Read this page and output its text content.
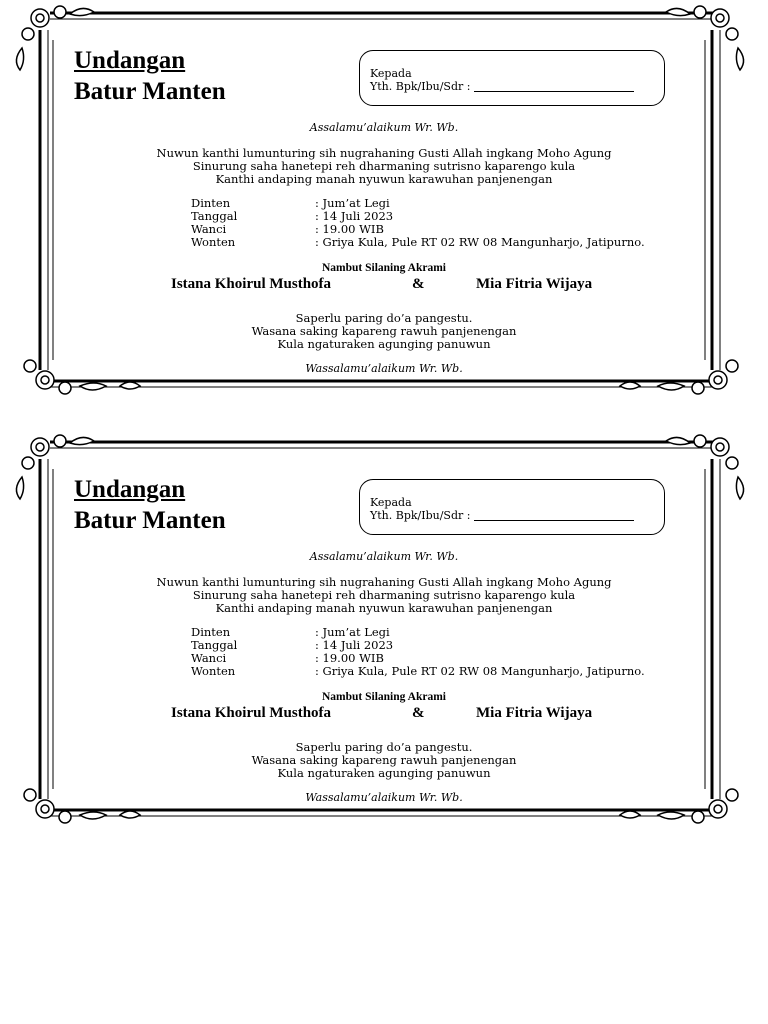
Undangan
Batur Manten
Kepada
Yth. Bpk/Ibu/Sdr :
Assalamu’alaikum Wr. Wb.
Nuwun kanthi lumunturing sih nugrahaning Gusti Allah ingkang Moho Agung
Sinurung saha hanetepi reh dharmaning sutrisno kaparengo kula
Kanthi andaping manah nyuwun karawuhan panjenengan
Dinten	: Jum’at Legi
Tanggal	: 14 Juli 2023
Wanci	: 19.00 WIB
Wonten	: Griya Kula, Pule RT 02 RW 08 Mangunharjo, Jatipurno.
Nambut Silaning Akrami
Istana Khoirul Musthofa	&	Mia Fitria Wijaya
Saperlu paring do’a pangestu.
Wasana saking kapareng rawuh panjenengan
Kula ngaturaken agunging panuwun
Wassalamu’alaikum Wr. Wb.
Undangan
Batur Manten
Kepada
Yth. Bpk/Ibu/Sdr :
Assalamu’alaikum Wr. Wb.
Nuwun kanthi lumunturing sih nugrahaning Gusti Allah ingkang Moho Agung
Sinurung saha hanetepi reh dharmaning sutrisno kaparengo kula
Kanthi andaping manah nyuwun karawuhan panjenengan
Dinten	: Jum’at Legi
Tanggal	: 14 Juli 2023
Wanci	: 19.00 WIB
Wonten	: Griya Kula, Pule RT 02 RW 08 Mangunharjo, Jatipurno.
Nambut Silaning Akrami
Istana Khoirul Musthofa	&	Mia Fitria Wijaya
Saperlu paring do’a pangestu.
Wasana saking kapareng rawuh panjenengan
Kula ngaturaken agunging panuwun
Wassalamu’alaikum Wr. Wb.
